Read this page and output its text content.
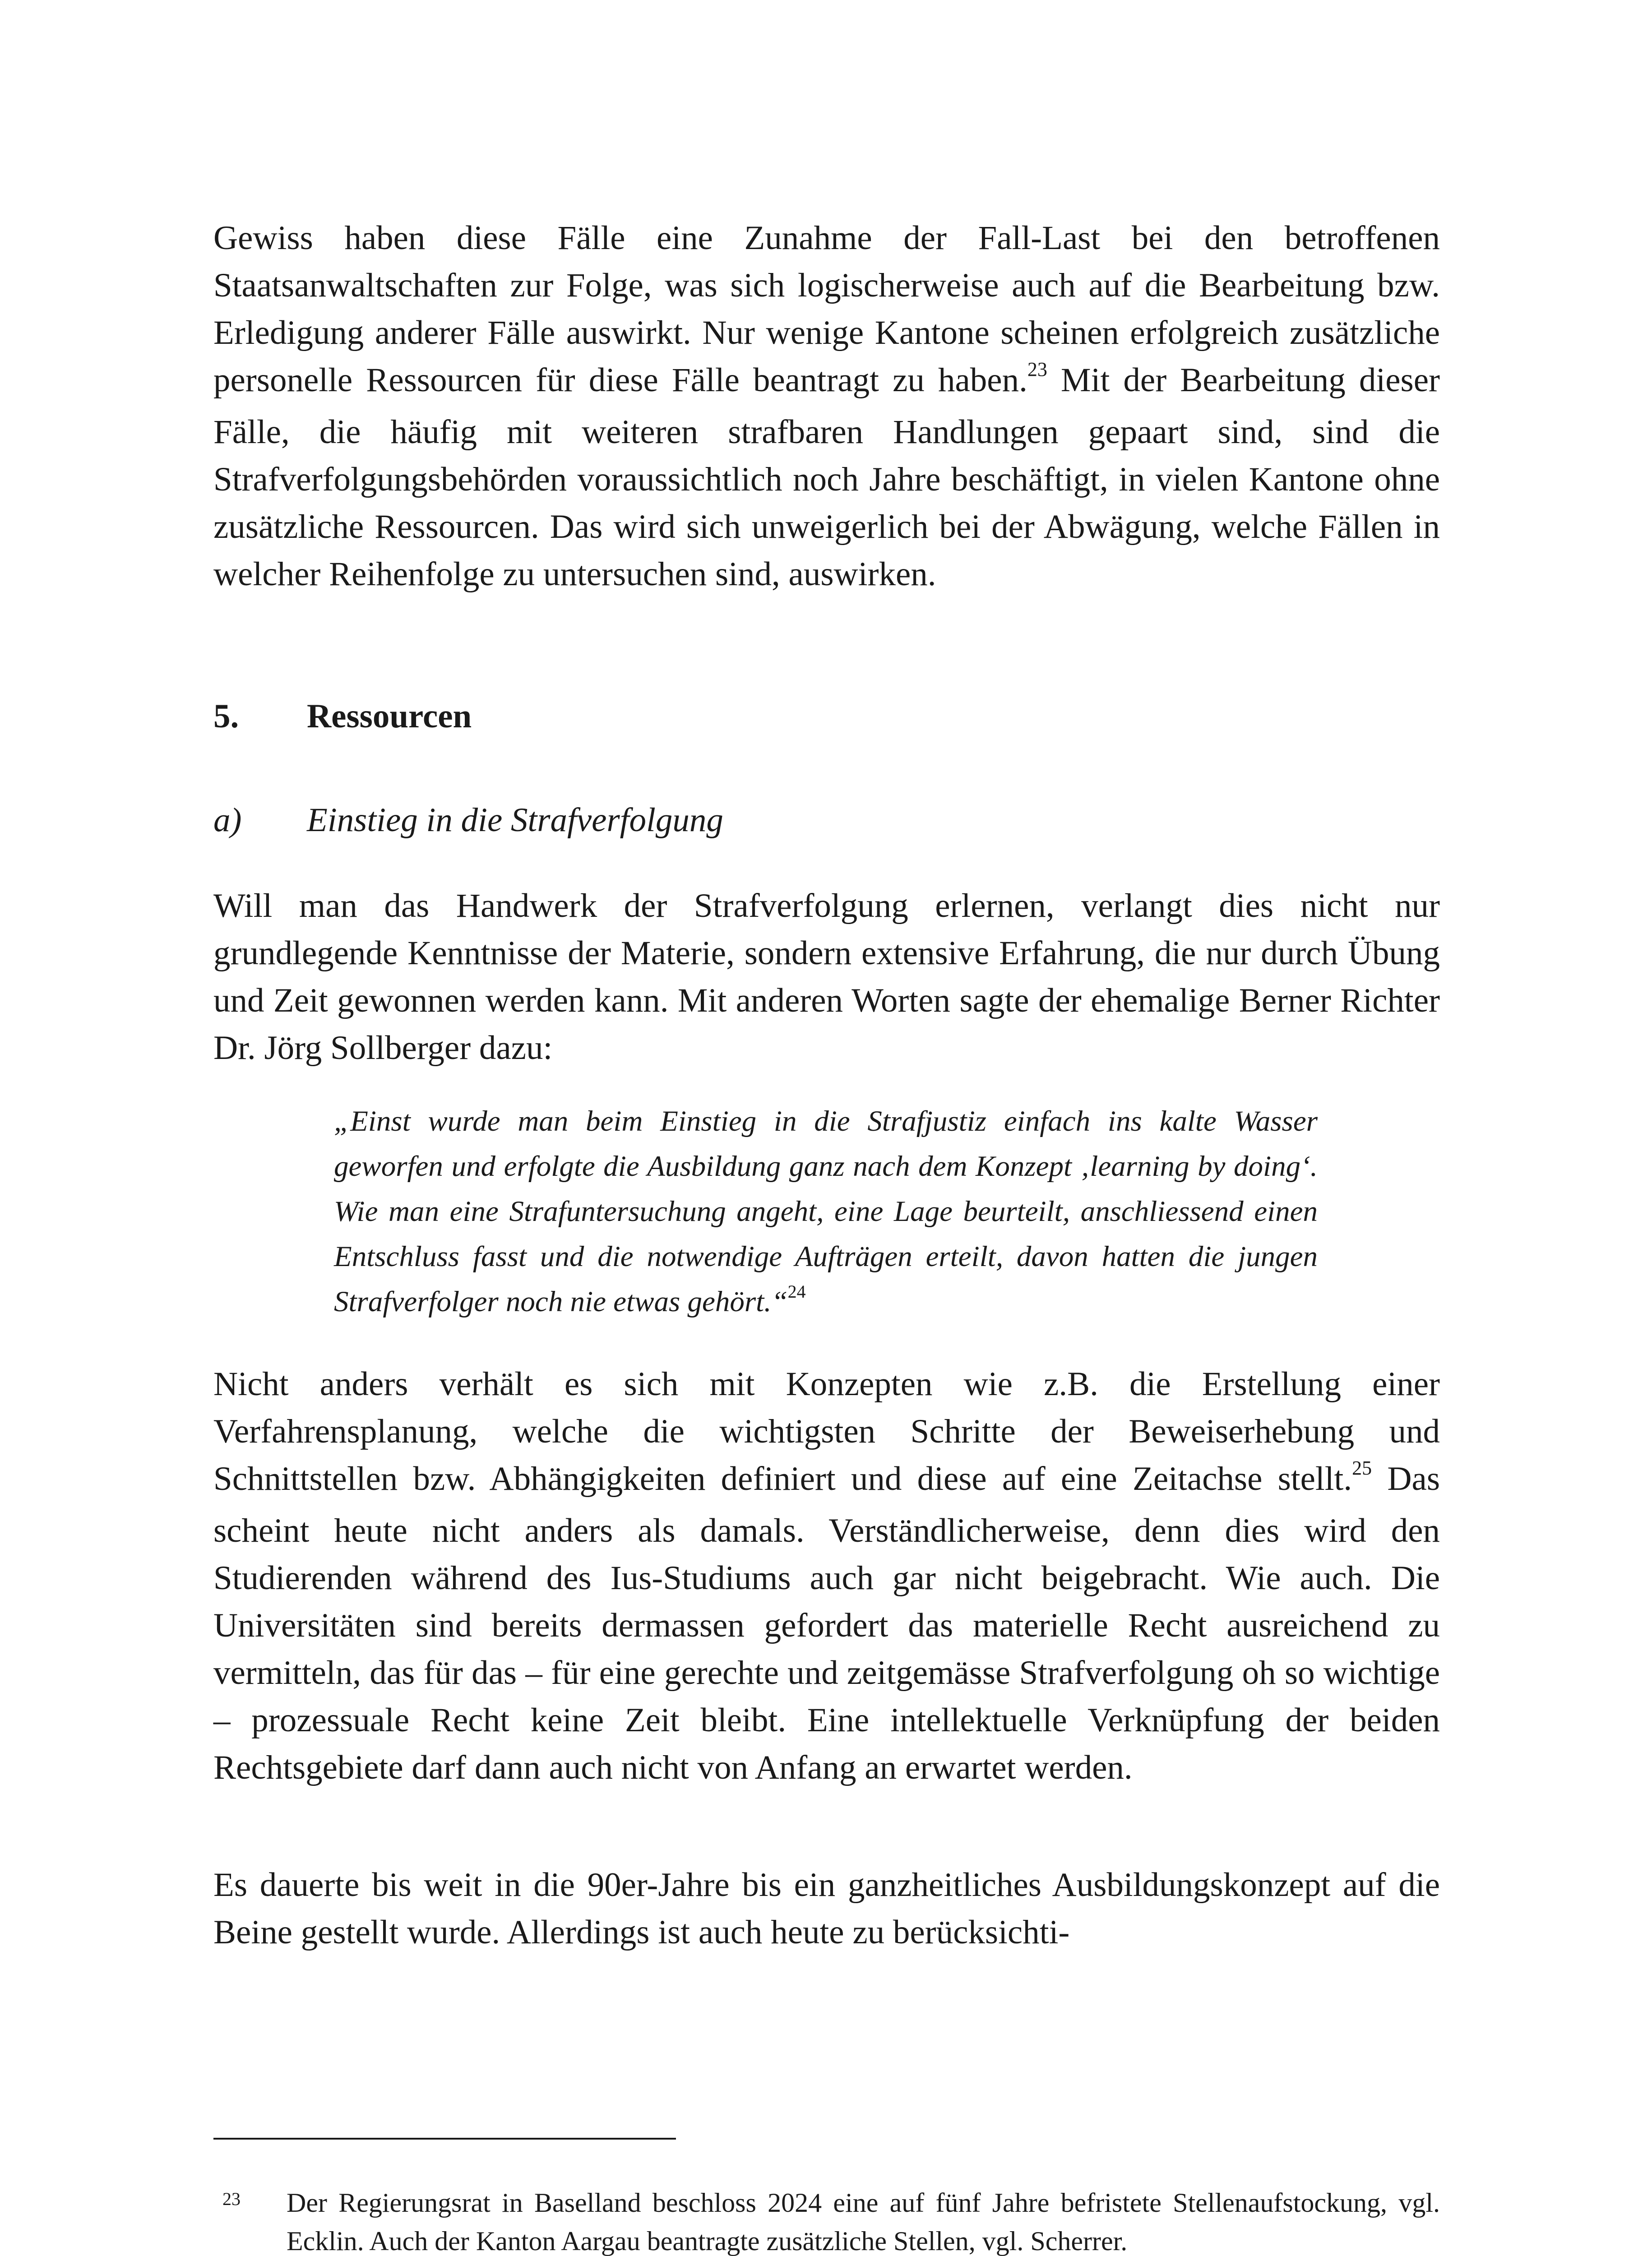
Gewiss haben diese Fälle eine Zunahme der Fall-Last bei den betroffenen Staatsanwaltschaften zur Folge, was sich logischerweise auch auf die Bearbeitung bzw. Erledigung anderer Fälle auswirkt. Nur wenige Kantone scheinen erfolgreich zusätzliche personelle Ressourcen für diese Fälle beantragt zu haben.$^{23}$ Mit der Bearbeitung dieser Fälle, die häufig mit weiteren strafbaren Handlungen gepaart sind, sind die Strafverfolgungsbehörden voraussichtlich noch Jahre beschäftigt, in vielen Kantone ohne zusätzliche Ressourcen. Das wird sich unweigerlich bei der Abwägung, welche Fällen in welcher Reihenfolge zu untersuchen sind, auswirken.

5. Ressourcen
a) Einstieg in die Strafverfolgung

Will man das Handwerk der Strafverfolgung erlernen, verlangt dies nicht nur grundlegende Kenntnisse der Materie, sondern extensive Erfahrung, die nur durch Übung und Zeit gewonnen werden kann. Mit anderen Worten sagte der ehemalige Berner Richter Dr. Jörg Sollberger dazu:

„Einst wurde man beim Einstieg in die Strafjustiz einfach ins kalte Wasser geworfen und erfolgte die Ausbildung ganz nach dem Konzept ‚learning by doing‘. Wie man eine Strafuntersuchung angeht, eine Lage beurteilt, anschliessend einen Entschluss fasst und die notwendige Aufträgen erteilt, davon hatten die jungen Strafverfolger noch nie etwas gehört.“$^{24}$

Nicht anders verhält es sich mit Konzepten wie z.B. die Erstellung einer Verfahrensplanung, welche die wichtigsten Schritte der Beweiserhebung und Schnittstellen bzw. Abhängigkeiten definiert und diese auf eine Zeitachse stellt.$^{25}$ Das scheint heute nicht anders als damals. Verständlicherweise, denn dies wird den Studierenden während des Ius-Studiums auch gar nicht beigebracht. Wie auch. Die Universitäten sind bereits dermassen gefordert das materielle Recht ausreichend zu vermitteln, das für das – für eine gerechte und zeitgemässe Strafverfolgung oh so wichtige – prozessuale Recht keine Zeit bleibt. Eine intellektuelle Verknüpfung der beiden Rechtsgebiete darf dann auch nicht von Anfang an erwartet werden.

Es dauerte bis weit in die 90er-Jahre bis ein ganzheitliches Ausbildungskonzept auf die Beine gestellt wurde. Allerdings ist auch heute zu berücksichti-

23 Der Regierungsrat in Baselland beschloss 2024 eine auf fünf Jahre befristete Stellenaufstockung, vgl. Ecklin. Auch der Kanton Aargau beantragte zusätzliche Stellen, vgl. Scherrer.
